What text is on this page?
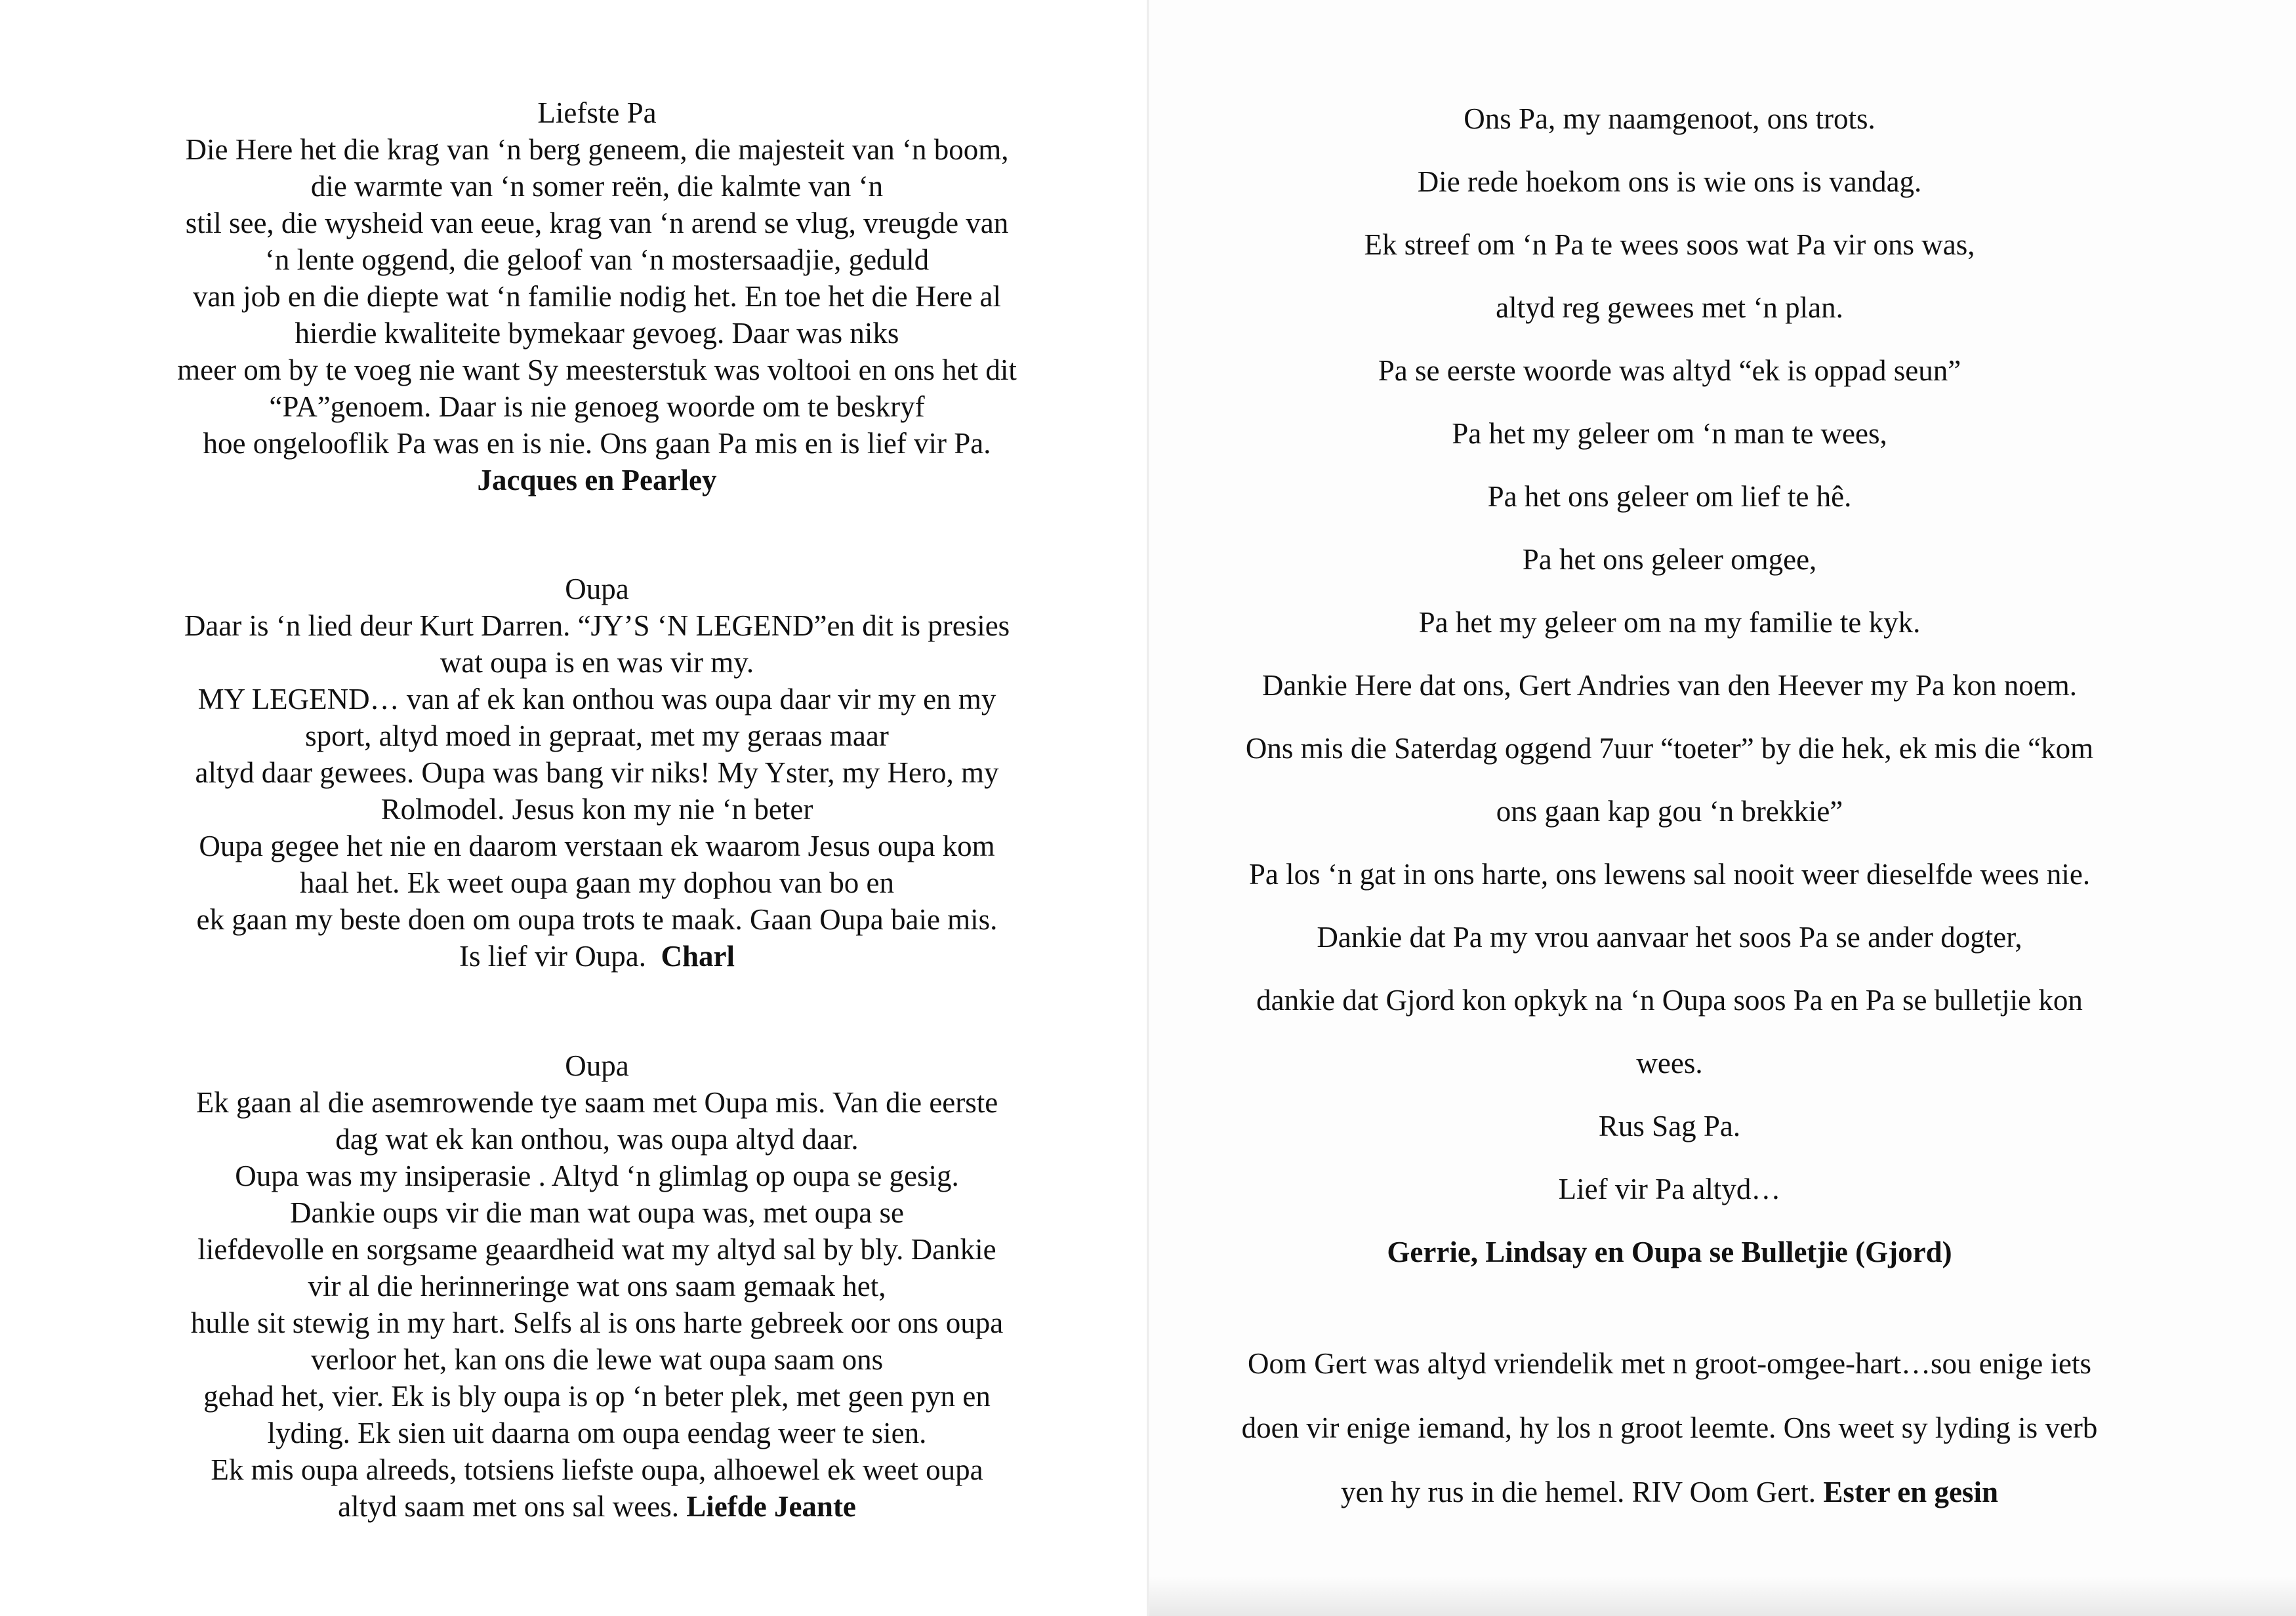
Liefste Pa
Die Here het die krag van ‘n berg geneem, die majesteit van ‘n boom,
die warmte van ‘n somer reën, die kalmte van ‘n
stil see, die wysheid van eeue, krag van ‘n arend se vlug, vreugde van
‘n lente oggend, die geloof van ‘n mostersaadjie, geduld
van job en die diepte wat ‘n familie nodig het. En toe het die Here al
hierdie kwaliteite bymekaar gevoeg. Daar was niks
meer om by te voeg nie want Sy meesterstuk was voltooi en ons het dit
“PA”genoem. Daar is nie genoeg woorde om te beskryf
hoe ongelooflik Pa was en is nie. Ons gaan Pa mis en is lief vir Pa.
Jacques en Pearley
Oupa
Daar is ‘n lied deur Kurt Darren. “JY’S ‘N LEGEND”en dit is presies
wat oupa is en was vir my.
MY LEGEND… van af ek kan onthou was oupa daar vir my en my
sport, altyd moed in gepraat, met my geraas maar
altyd daar gewees. Oupa was bang vir niks! My Yster, my Hero, my
Rolmodel. Jesus kon my nie ‘n beter
Oupa gegee het nie en daarom verstaan ek waarom Jesus oupa kom
haal het. Ek weet oupa gaan my dophou van bo en
ek gaan my beste doen om oupa trots te maak. Gaan Oupa baie mis.
Is lief vir Oupa. Charl
Oupa
Ek gaan al die asemrowende tye saam met Oupa mis. Van die eerste
dag wat ek kan onthou, was oupa altyd daar.
Oupa was my insiperasie . Altyd ‘n glimlag op oupa se gesig.
Dankie oups vir die man wat oupa was, met oupa se
liefdevolle en sorgsame geaardheid wat my altyd sal by bly. Dankie
vir al die herinneringe wat ons saam gemaak het,
hulle sit stewig in my hart. Selfs al is ons harte gebreek oor ons oupa
verloor het, kan ons die lewe wat oupa saam ons
gehad het, vier. Ek is bly oupa is op ‘n beter plek, met geen pyn en
lyding. Ek sien uit daarna om oupa eendag weer te sien.
Ek mis oupa alreeds, totsiens liefste oupa, alhoewel ek weet oupa
altyd saam met ons sal wees. Liefde Jeante
Ons Pa, my naamgenoot, ons trots.
Die rede hoekom ons is wie ons is vandag.
Ek streef om ‘n Pa te wees soos wat Pa vir ons was,
altyd reg gewees met ‘n plan.
Pa se eerste woorde was altyd “ek is oppad seun”
Pa het my geleer om ‘n man te wees,
Pa het ons geleer om lief te hê.
Pa het ons geleer omgee,
Pa het my geleer om na my familie te kyk.
Dankie Here dat ons, Gert Andries van den Heever my Pa kon noem.
Ons mis die Saterdag oggend 7uur “toeter” by die hek, ek mis die “kom
ons gaan kap gou ‘n brekkie”
Pa los ‘n gat in ons harte, ons lewens sal nooit weer dieselfde wees nie.
Dankie dat Pa my vrou aanvaar het soos Pa se ander dogter,
dankie dat Gjord kon opkyk na ‘n Oupa soos Pa en Pa se bulletjie kon
wees.
Rus Sag Pa.
Lief vir Pa altyd…
Gerrie, Lindsay en Oupa se Bulletjie (Gjord)
Oom Gert was altyd vriendelik met n groot-omgee-hart…sou enige iets
doen vir enige iemand, hy los n groot leemte. Ons weet sy lyding is verb
yen hy rus in die hemel. RIV Oom Gert. Ester en gesin
